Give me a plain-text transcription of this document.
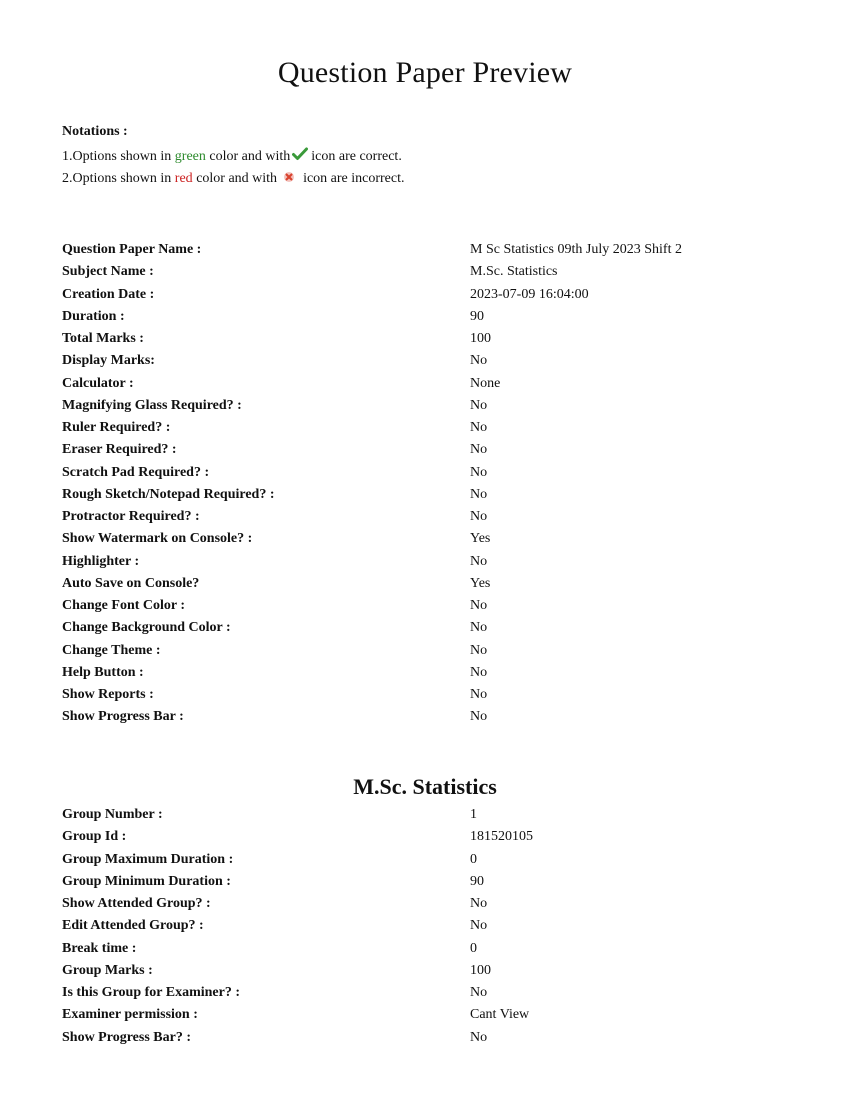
Question Paper Preview
Notations :
1.Options shown in green color and with icon are correct.
2.Options shown in red color and with icon are incorrect.
Question Paper Name :	M Sc Statistics 09th July 2023 Shift 2
Subject Name :	M.Sc. Statistics
Creation Date :	2023-07-09 16:04:00
Duration :	90
Total Marks :	100
Display Marks:	No
Calculator :	None
Magnifying Glass Required? :	No
Ruler Required? :	No
Eraser Required? :	No
Scratch Pad Required? :	No
Rough Sketch/Notepad Required? :	No
Protractor Required? :	No
Show Watermark on Console? :	Yes
Highlighter :	No
Auto Save on Console?	Yes
Change Font Color :	No
Change Background Color :	No
Change Theme :	No
Help Button :	No
Show Reports :	No
Show Progress Bar :	No
M.Sc. Statistics
Group Number :	1
Group Id :	181520105
Group Maximum Duration :	0
Group Minimum Duration :	90
Show Attended Group? :	No
Edit Attended Group? :	No
Break time :	0
Group Marks :	100
Is this Group for Examiner? :	No
Examiner permission :	Cant View
Show Progress Bar? :	No
